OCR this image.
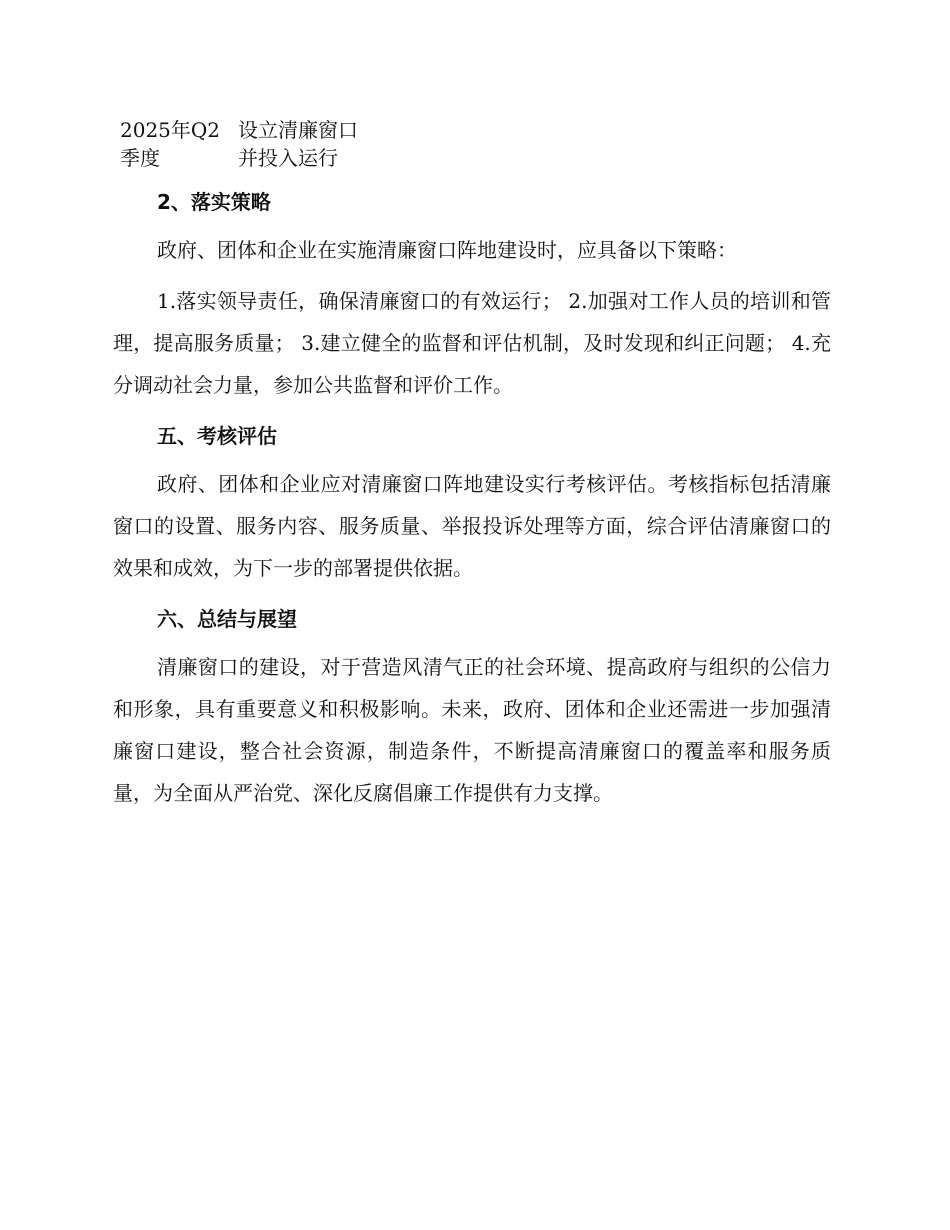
2025年Q2 设立清廉窗口
季度	并投入运行
2、落实策略

政府、团体和企业在实施清廉窗口阵地建设时，应具备以下策略：

1.落实领导责任，确保清廉窗口的有效运行； 2.加强对工作人员的培训和管理，提高服务质量； 3.建立健全的监督和评估机制，及时发现和纠正问题； 4.充分调动社会力量，参加公共监督和评价工作。

五、考核评估

政府、团体和企业应对清廉窗口阵地建设实行考核评估。考核指标包括清廉窗口的设置、服务内容、服务质量、举报投诉处理等方面，综合评估清廉窗口的效果和成效，为下一步的部署提供依据。

六、总结与展望

清廉窗口的建设，对于营造风清气正的社会环境、提高政府与组织的公信力和形象，具有重要意义和积极影响。未来，政府、团体和企业还需进一步加强清廉窗口建设，整合社会资源，制造条件，不断提高清廉窗口的覆盖率和服务质量，为全面从严治党、深化反腐倡廉工作提供有力支撑。
